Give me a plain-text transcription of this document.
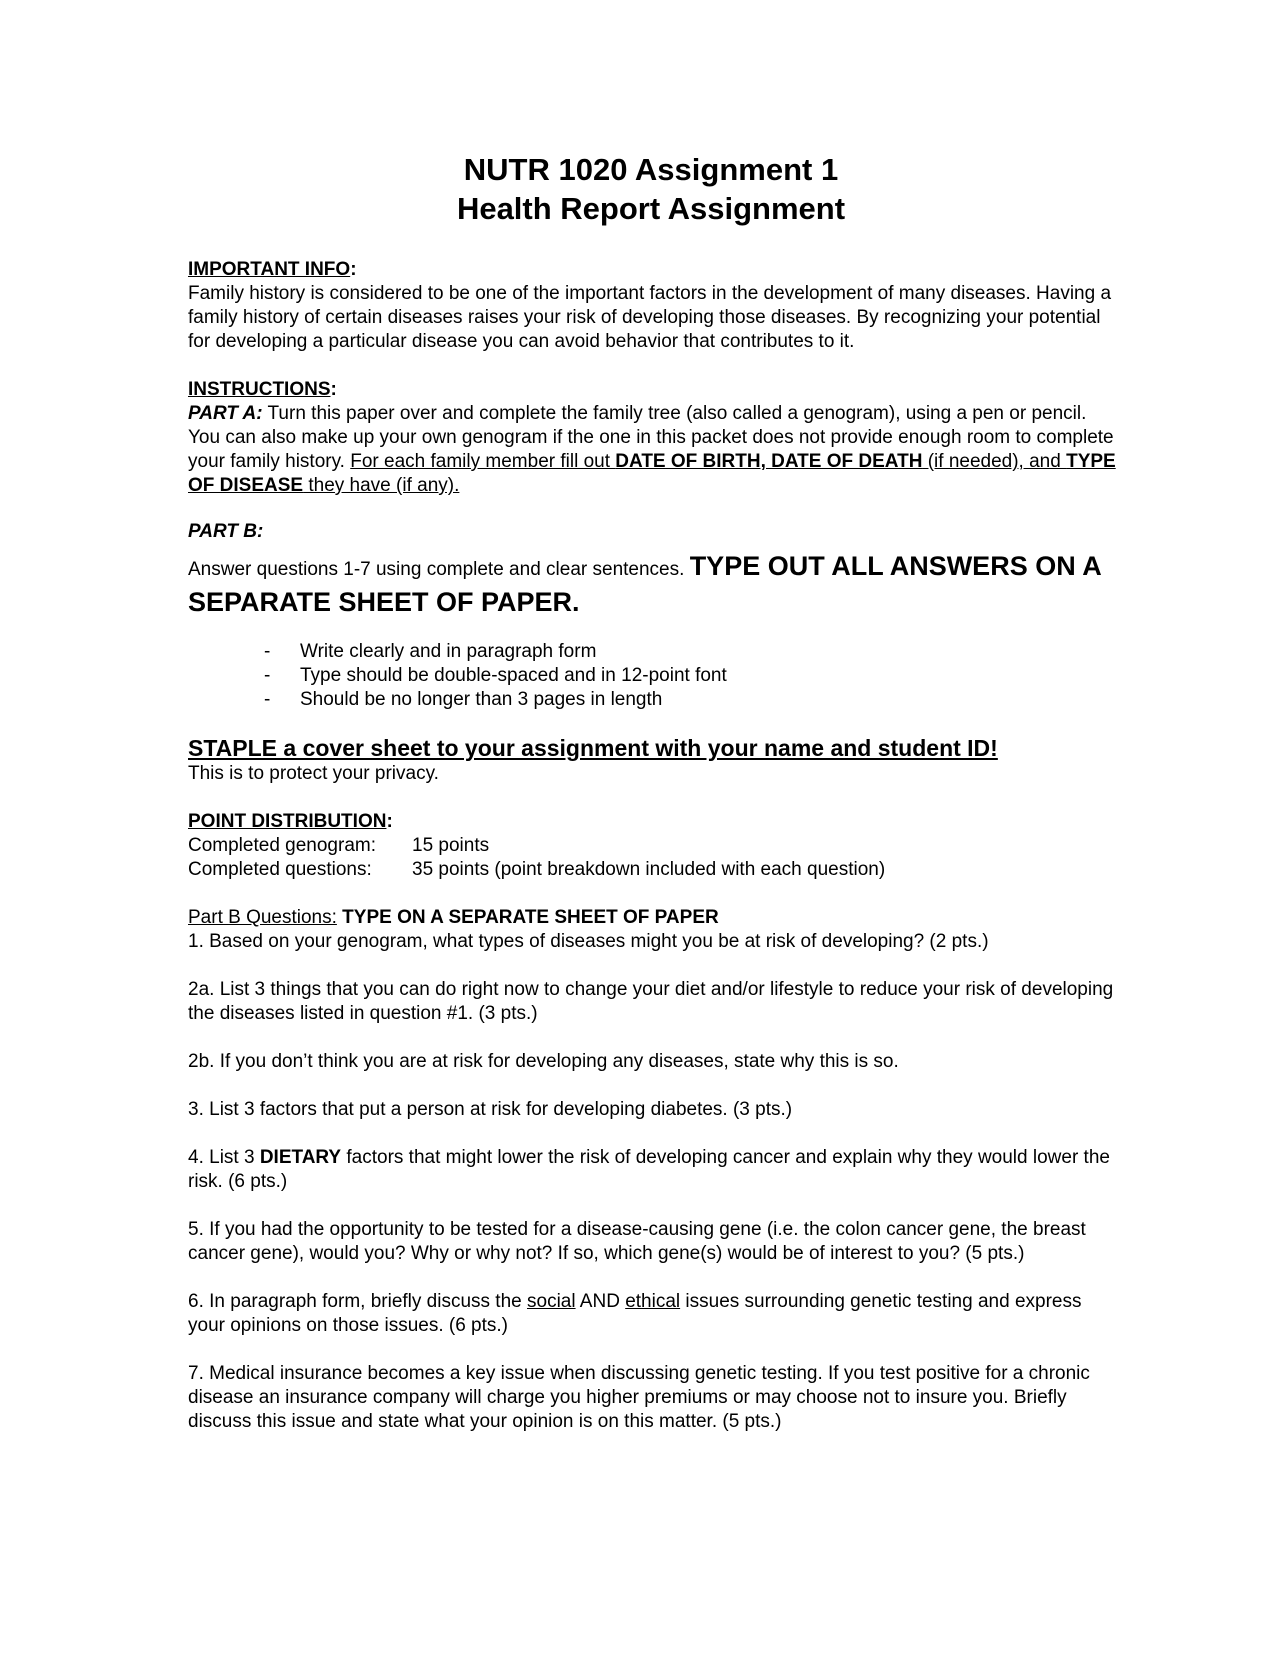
NUTR 1020 Assignment 1
Health Report Assignment

IMPORTANT INFO:

Family history is considered to be one of the important factors in the development of many diseases. Having a family history of certain diseases raises your risk of developing those diseases. By recognizing your potential for developing a particular disease you can avoid behavior that contributes to it.

INSTRUCTIONS:

PART A: Turn this paper over and complete the family tree (also called a genogram), using a pen or pencil. You can also make up your own genogram if the one in this packet does not provide enough room to complete your family history. For each family member fill out DATE OF BIRTH, DATE OF DEATH (if needed), and TYPE OF DISEASE they have (if any).

PART B:

Answer questions 1-7 using complete and clear sentences. TYPE OUT ALL ANSWERS ON A SEPARATE SHEET OF PAPER.

- Write clearly and in paragraph form
- Type should be double-spaced and in 12-point font
- Should be no longer than 3 pages in length

STAPLE a cover sheet to your assignment with your name and student ID!

This is to protect your privacy.

POINT DISTRIBUTION:

Completed genogram:	15 points
Completed questions:	35 points (point breakdown included with each question)

Part B Questions: TYPE ON A SEPARATE SHEET OF PAPER

1. Based on your genogram, what types of diseases might you be at risk of developing? (2 pts.)

2a. List 3 things that you can do right now to change your diet and/or lifestyle to reduce your risk of developing the diseases listed in question #1. (3 pts.)

2b. If you don’t think you are at risk for developing any diseases, state why this is so.

3. List 3 factors that put a person at risk for developing diabetes. (3 pts.)

4. List 3 DIETARY factors that might lower the risk of developing cancer and explain why they would lower the risk. (6 pts.)

5. If you had the opportunity to be tested for a disease-causing gene (i.e. the colon cancer gene, the breast cancer gene), would you? Why or why not? If so, which gene(s) would be of interest to you? (5 pts.)

6. In paragraph form, briefly discuss the social AND ethical issues surrounding genetic testing and express your opinions on those issues. (6 pts.)

7. Medical insurance becomes a key issue when discussing genetic testing. If you test positive for a chronic disease an insurance company will charge you higher premiums or may choose not to insure you. Briefly discuss this issue and state what your opinion is on this matter. (5 pts.)
